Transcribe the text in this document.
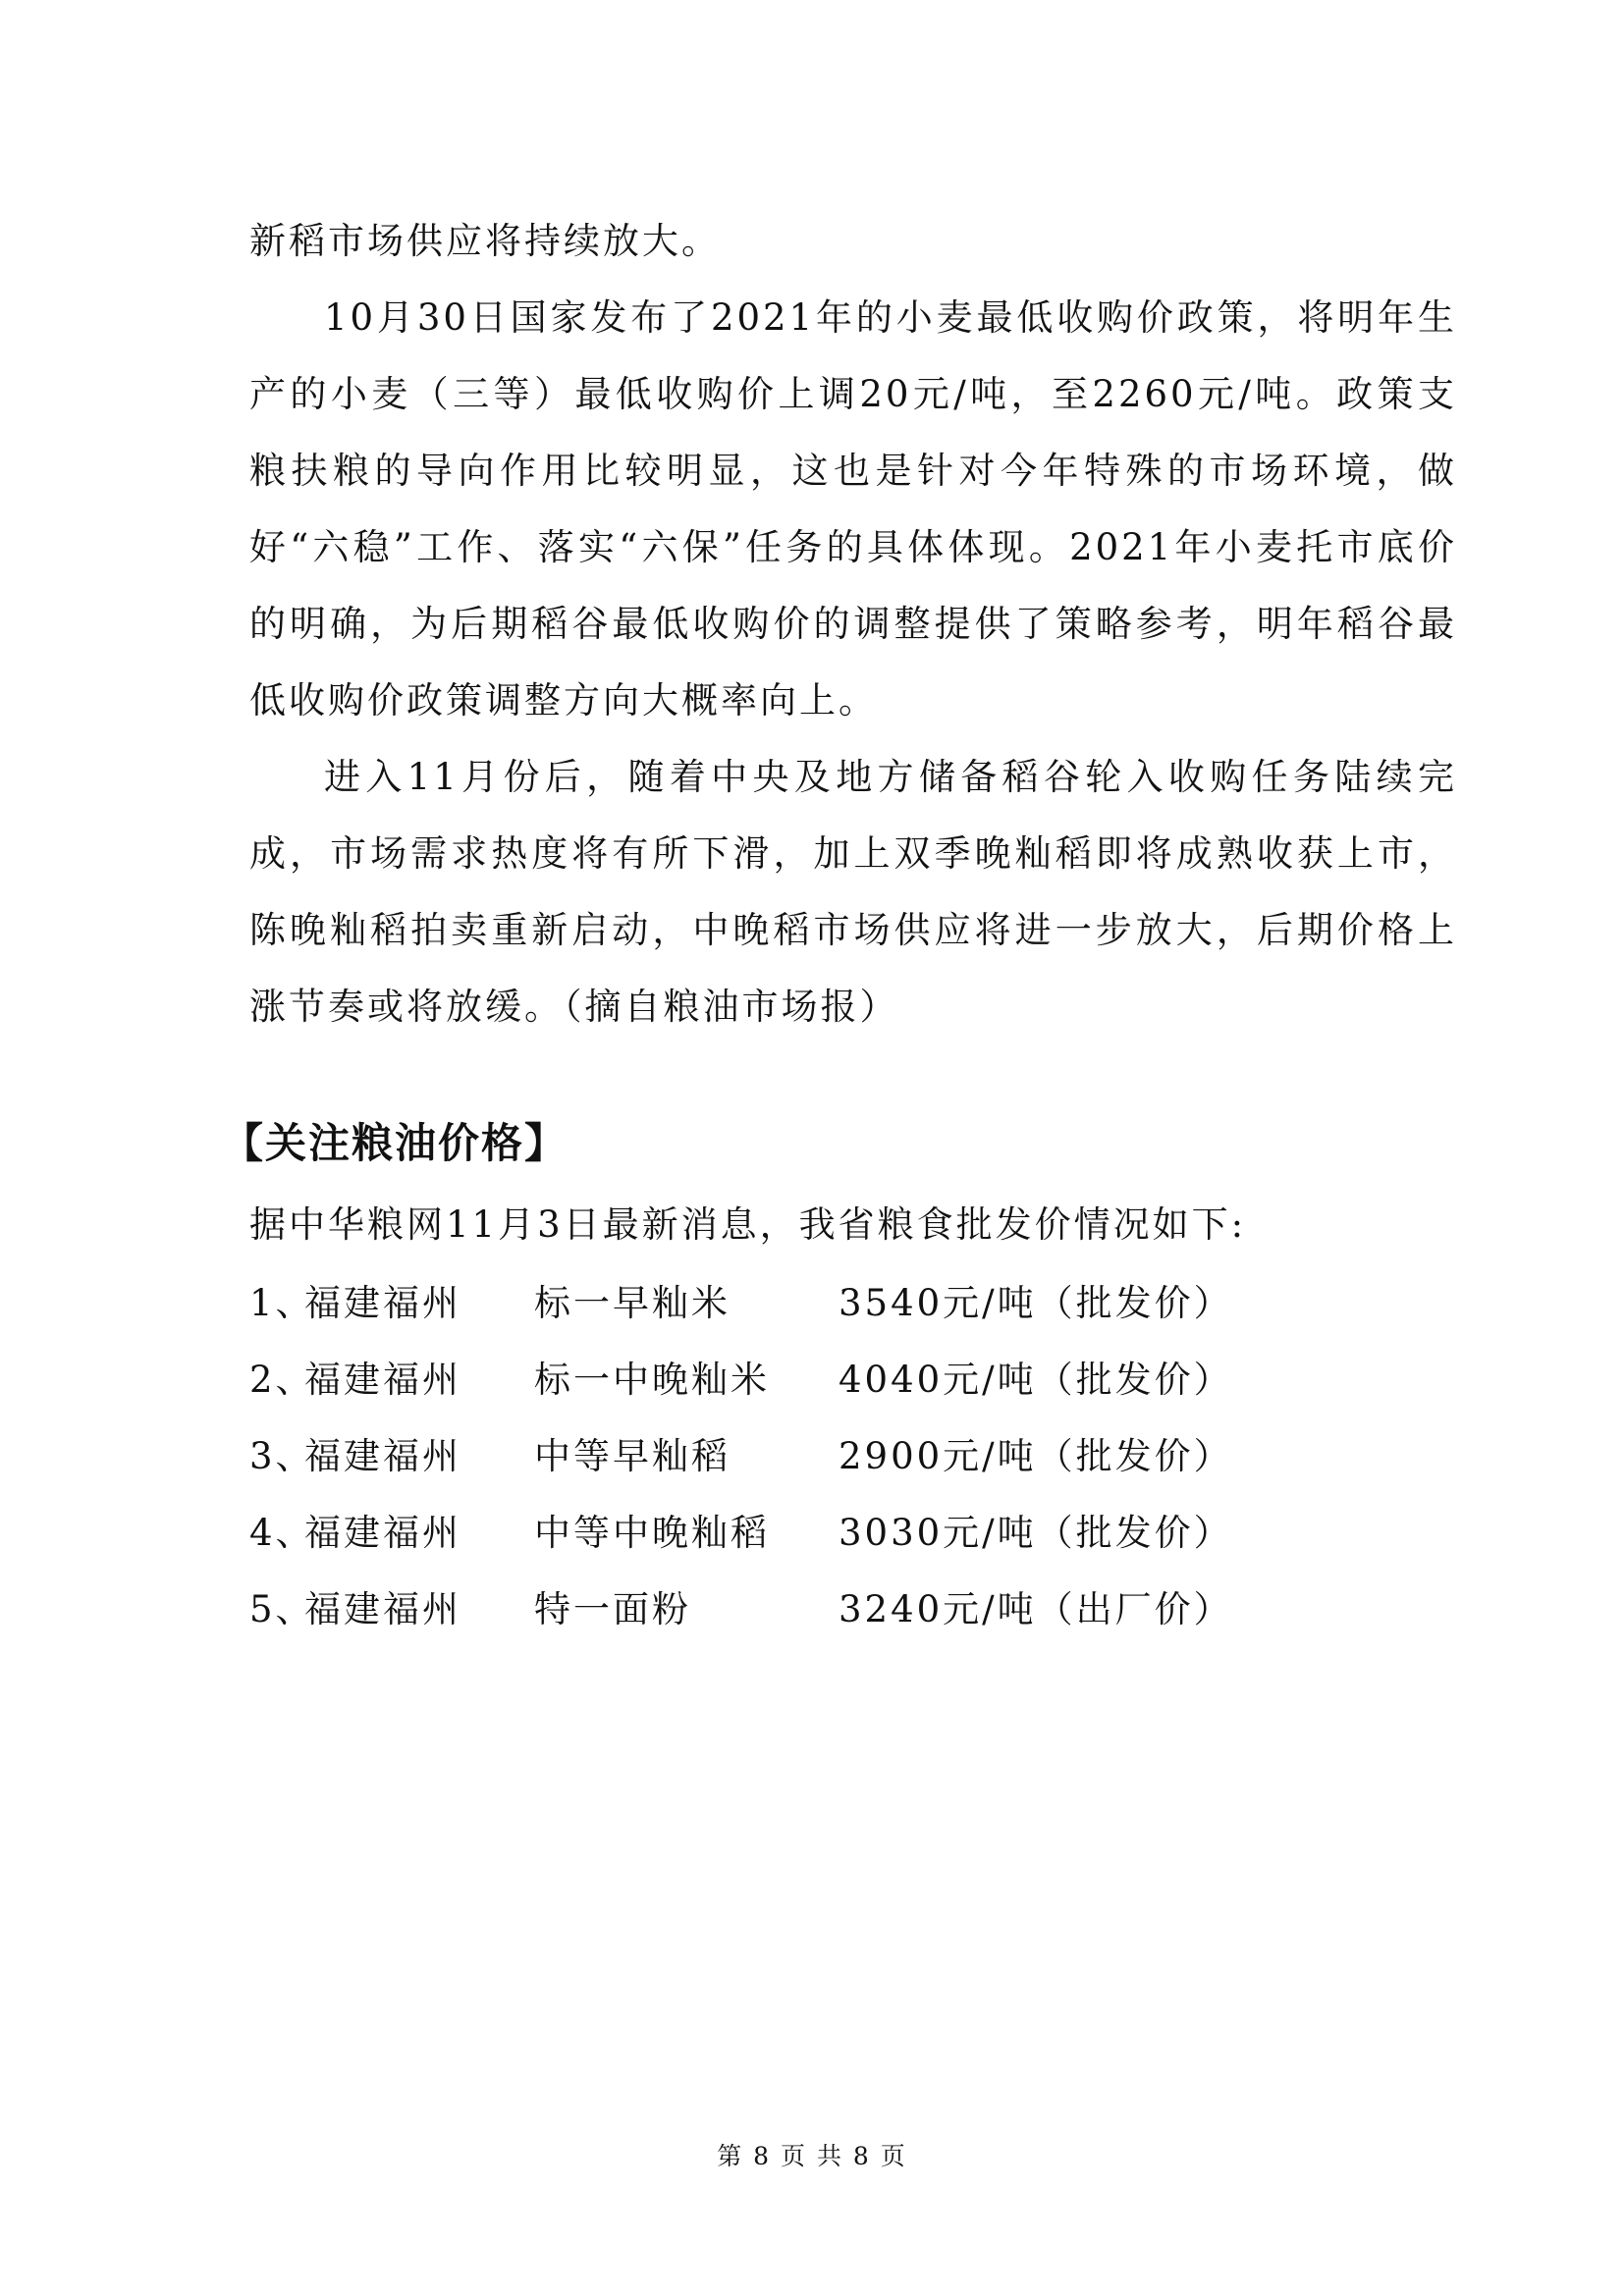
新稻市场供应将持续放大。

10月30日国家发布了2021年的小麦最低收购价政策，将明年生产的小麦（三等）最低收购价上调20元/吨，至2260元/吨。政策支粮扶粮的导向作用比较明显，这也是针对今年特殊的市场环境，做好“六稳”工作、落实“六保”任务的具体体现。2021年小麦托市底价的明确，为后期稻谷最低收购价的调整提供了策略参考，明年稻谷最低收购价政策调整方向大概率向上。

进入11月份后，随着中央及地方储备稻谷轮入收购任务陆续完成，市场需求热度将有所下滑，加上双季晚籼稻即将成熟收获上市，陈晚籼稻拍卖重新启动，中晚稻市场供应将进一步放大，后期价格上涨节奏或将放缓。（摘自粮油市场报）

【关注粮油价格】

据中华粮网11月3日最新消息，我省粮食批发价情况如下:

1、
福建福州 标一早籼米	3540元/吨（批发价）
2、
福建福州 标一中晚籼米 4040元/吨（批发价）
3、
福建福州 中等早籼稻	2900元/吨（批发价）
4、
福建福州 中等中晚籼稻 3030元/吨（批发价）
5、
福建福州 特一面粉	3240元/吨（出厂价）

第 8 页 共 8 页
